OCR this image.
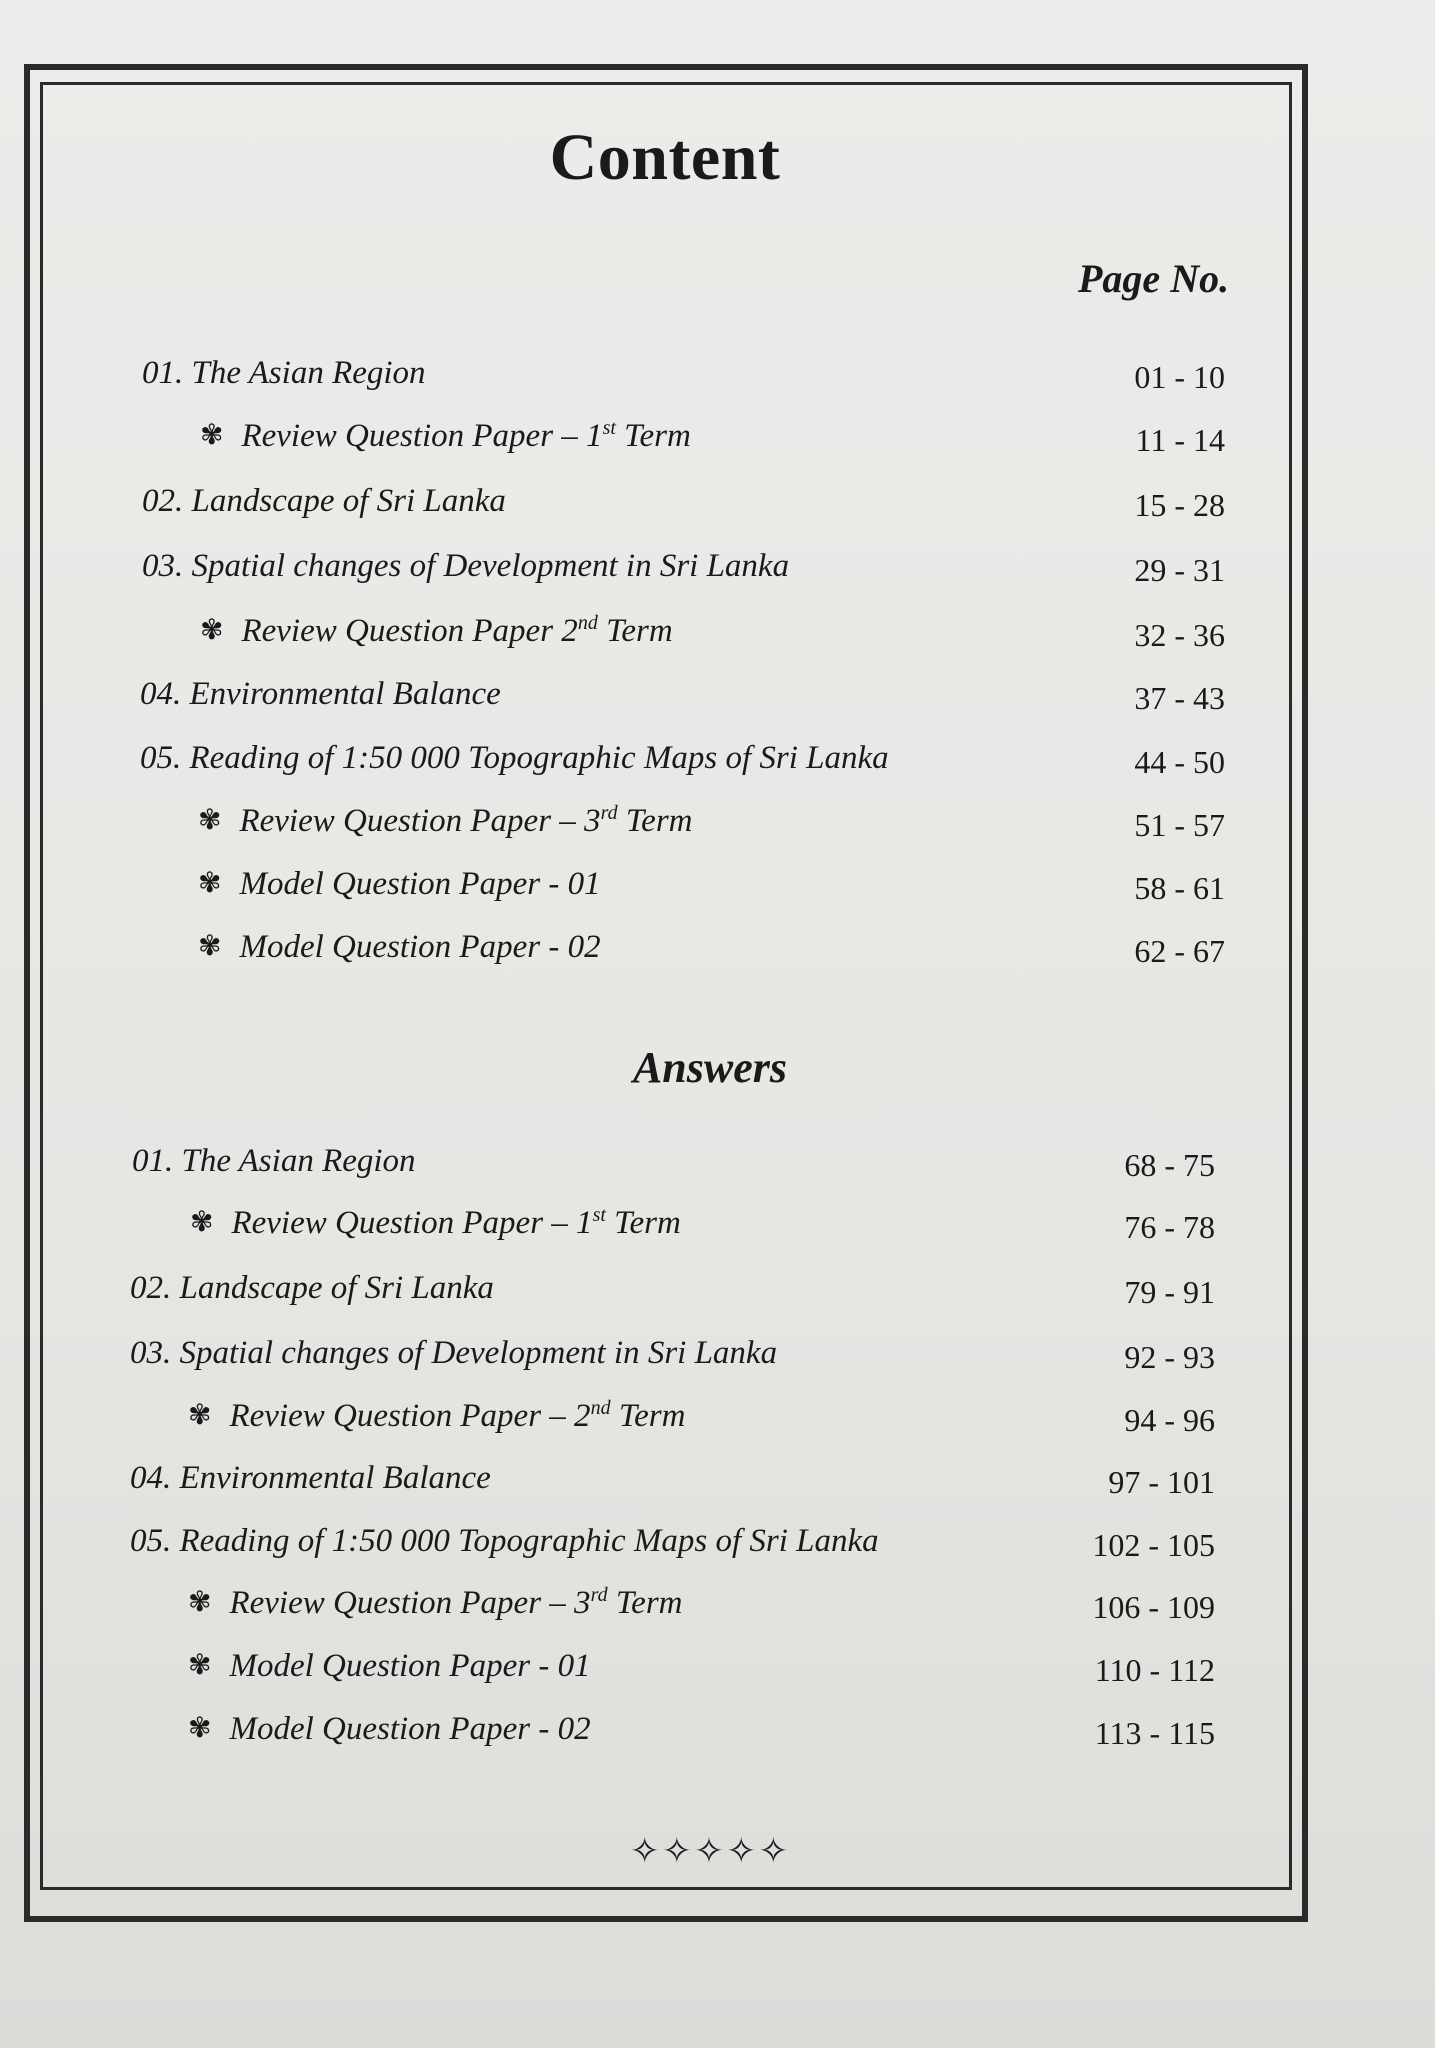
Content
Page No.
01. The Asian Region	01 - 10
✾ Review Question Paper – 1st Term	11 - 14
02. Landscape of Sri Lanka	15 - 28
03. Spatial changes of Development in Sri Lanka	29 - 31
✾ Review Question Paper 2nd Term	32 - 36
04. Environmental Balance	37 - 43
05. Reading of 1:50 000 Topographic Maps of Sri Lanka	44 - 50
✾ Review Question Paper – 3rd Term	51 - 57
✾ Model Question Paper - 01	58 - 61
✾ Model Question Paper - 02	62 - 67
Answers
01. The Asian Region	68 - 75
✾ Review Question Paper – 1st Term	76 - 78
02. Landscape of Sri Lanka	79 - 91
03. Spatial changes of Development in Sri Lanka	92 - 93
✾ Review Question Paper – 2nd Term	94 - 96
04. Environmental Balance	97 - 101
05. Reading of 1:50 000 Topographic Maps of Sri Lanka	102 - 105
✾ Review Question Paper – 3rd Term	106 - 109
✾ Model Question Paper - 01	110 - 112
✾ Model Question Paper - 02	113 - 115
✧✧✧✧✧
